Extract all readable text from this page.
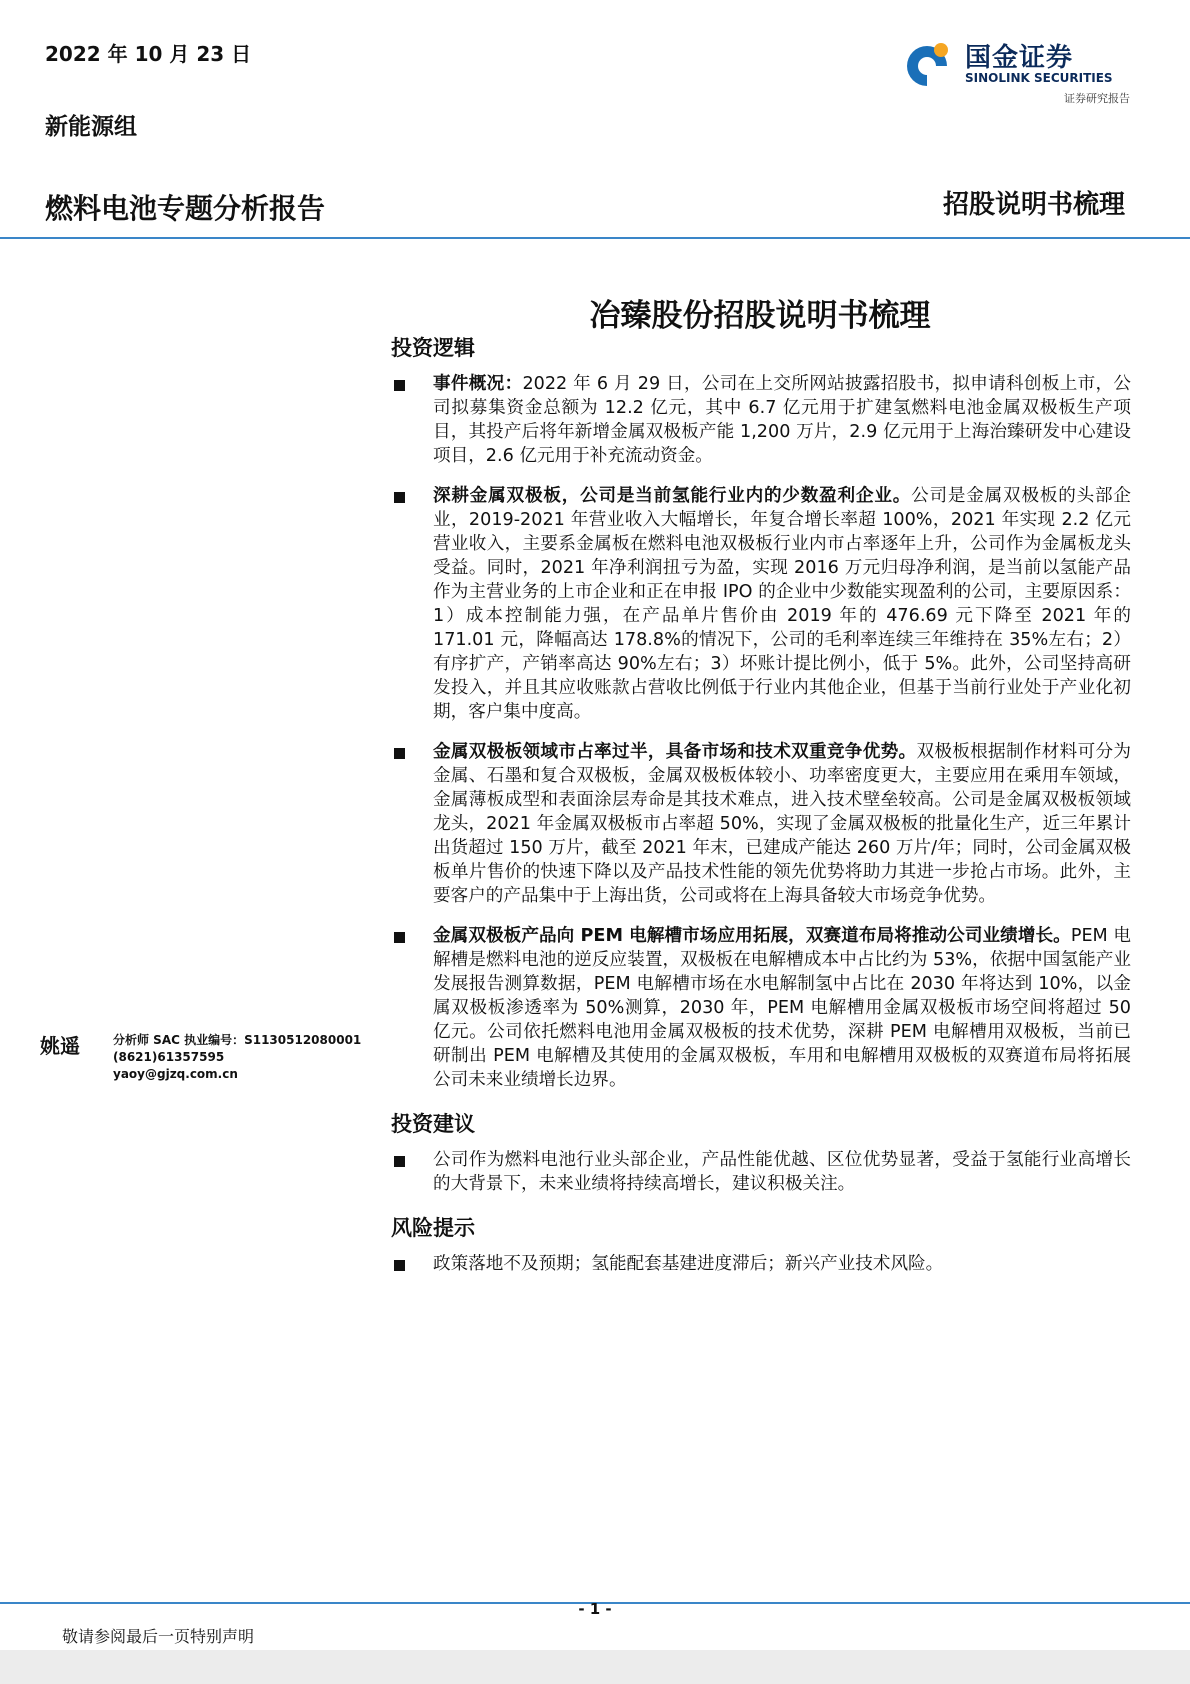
2022 年 10 月 23 日
新能源组
燃料电池专题分析报告	招股说明书梳理
国金证券
SINOLINK SECURITIES
证券研究报告
冶臻股份招股说明书梳理
投资逻辑
事件概况：2022 年 6 月 29 日，公司在上交所网站披露招股书，拟申请科创板上市，公司拟募集资金总额为 12.2 亿元，其中 6.7 亿元用于扩建氢燃料电池金属双极板生产项目，其投产后将年新增金属双极板产能 1,200 万片，2.9 亿元用于上海治臻研发中心建设项目，2.6 亿元用于补充流动资金。
深耕金属双极板，公司是当前氢能行业内的少数盈利企业。公司是金属双极板的头部企业，2019-2021 年营业收入大幅增长，年复合增长率超 100%，2021 年实现 2.2 亿元营业收入，主要系金属板在燃料电池双极板行业内市占率逐年上升，公司作为金属板龙头受益。同时，2021 年净利润扭亏为盈，实现 2016 万元归母净利润，是当前以氢能产品作为主营业务的上市企业和正在申报 IPO 的企业中少数能实现盈利的公司，主要原因系：1）成本控制能力强，在产品单片售价由 2019 年的 476.69 元下降至 2021 年的 171.01 元，降幅高达 178.8%的情况下，公司的毛利率连续三年维持在 35%左右；2）有序扩产，产销率高达 90%左右；3）坏账计提比例小，低于 5%。此外，公司坚持高研发投入，并且其应收账款占营收比例低于行业内其他企业，但基于当前行业处于产业化初期，客户集中度高。
金属双极板领域市占率过半，具备市场和技术双重竞争优势。双极板根据制作材料可分为金属、石墨和复合双极板，金属双极板体较小、功率密度更大，主要应用在乘用车领域，金属薄板成型和表面涂层寿命是其技术难点，进入技术壁垒较高。公司是金属双极板领域龙头，2021 年金属双极板市占率超 50%，实现了金属双极板的批量化生产，近三年累计出货超过 150 万片，截至 2021 年末，已建成产能达 260 万片/年；同时，公司金属双极板单片售价的快速下降以及产品技术性能的领先优势将助力其进一步抢占市场。此外，主要客户的产品集中于上海出货，公司或将在上海具备较大市场竞争优势。
金属双极板产品向 PEM 电解槽市场应用拓展，双赛道布局将推动公司业绩增长。PEM 电解槽是燃料电池的逆反应装置，双极板在电解槽成本中占比约为 53%，依据中国氢能产业发展报告测算数据，PEM 电解槽市场在水电解制氢中占比在 2030 年将达到 10%，以金属双极板渗透率为 50%测算，2030 年，PEM 电解槽用金属双极板市场空间将超过 50 亿元。公司依托燃料电池用金属双极板的技术优势，深耕 PEM 电解槽用双极板，当前已研制出 PEM 电解槽及其使用的金属双极板，车用和电解槽用双极板的双赛道布局将拓展公司未来业绩增长边界。
投资建议
公司作为燃料电池行业头部企业，产品性能优越、区位优势显著，受益于氢能行业高增长的大背景下，未来业绩将持续高增长，建议积极关注。
风险提示
政策落地不及预期；氢能配套基建进度滞后；新兴产业技术风险。
姚遥	分析师 SAC 执业编号：S1130512080001
(8621)61357595
yaoy@gjzq.com.cn
- 1 -
敬请参阅最后一页特别声明
